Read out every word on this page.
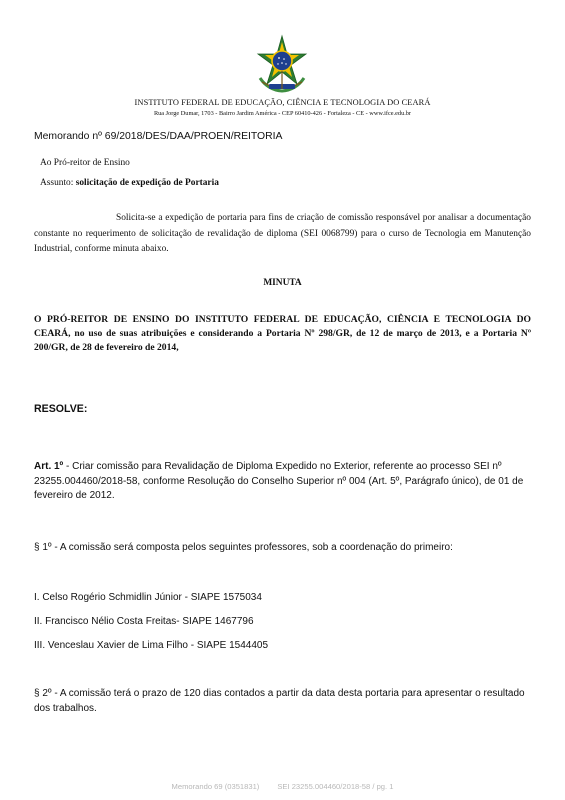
INSTITUTO FEDERAL DE EDUCAÇÃO, CIÊNCIA E TECNOLOGIA DO CEARÁ
Rua Jorge Dumar, 1703 - Bairro Jardim América - CEP 60410-426 - Fortaleza - CE - www.ifce.edu.br
Memorando nº 69/2018/DES/DAA/PROEN/REITORIA
Ao Pró-reitor de Ensino
Assunto: solicitação de expedição de Portaria
Solicita-se a expedição de portaria para fins de criação de comissão responsável por analisar a documentação constante no requerimento de solicitação de revalidação de diploma (SEI 0068799) para o curso de Tecnologia em Manutenção Industrial, conforme minuta abaixo.
MINUTA
O PRÓ-REITOR DE ENSINO DO INSTITUTO FEDERAL DE EDUCAÇÃO, CIÊNCIA E TECNOLOGIA DO CEARÁ, no uso de suas atribuições e considerando a Portaria Nº 298/GR, de 12 de março de 2013, e a Portaria Nº 200/GR, de 28 de fevereiro de 2014,
RESOLVE:
Art. 1º - Criar comissão para Revalidação de Diploma Expedido no Exterior, referente ao processo SEI nº 23255.004460/2018-58, conforme Resolução do Conselho Superior nº 004 (Art. 5º, Parágrafo único), de 01 de fevereiro de 2012.
§ 1º - A comissão será composta pelos seguintes professores, sob a coordenação do primeiro:
I. Celso Rogério Schmidlin Júnior - SIAPE 1575034
II. Francisco Nélio Costa Freitas- SIAPE 1467796
III. Venceslau Xavier de Lima Filho - SIAPE 1544405
§ 2º - A comissão terá o prazo de 120 dias contados a partir da data desta portaria para apresentar o resultado dos trabalhos.
Memorando 69 (0351831) SEI 23255.004460/2018-58 / pg. 1
